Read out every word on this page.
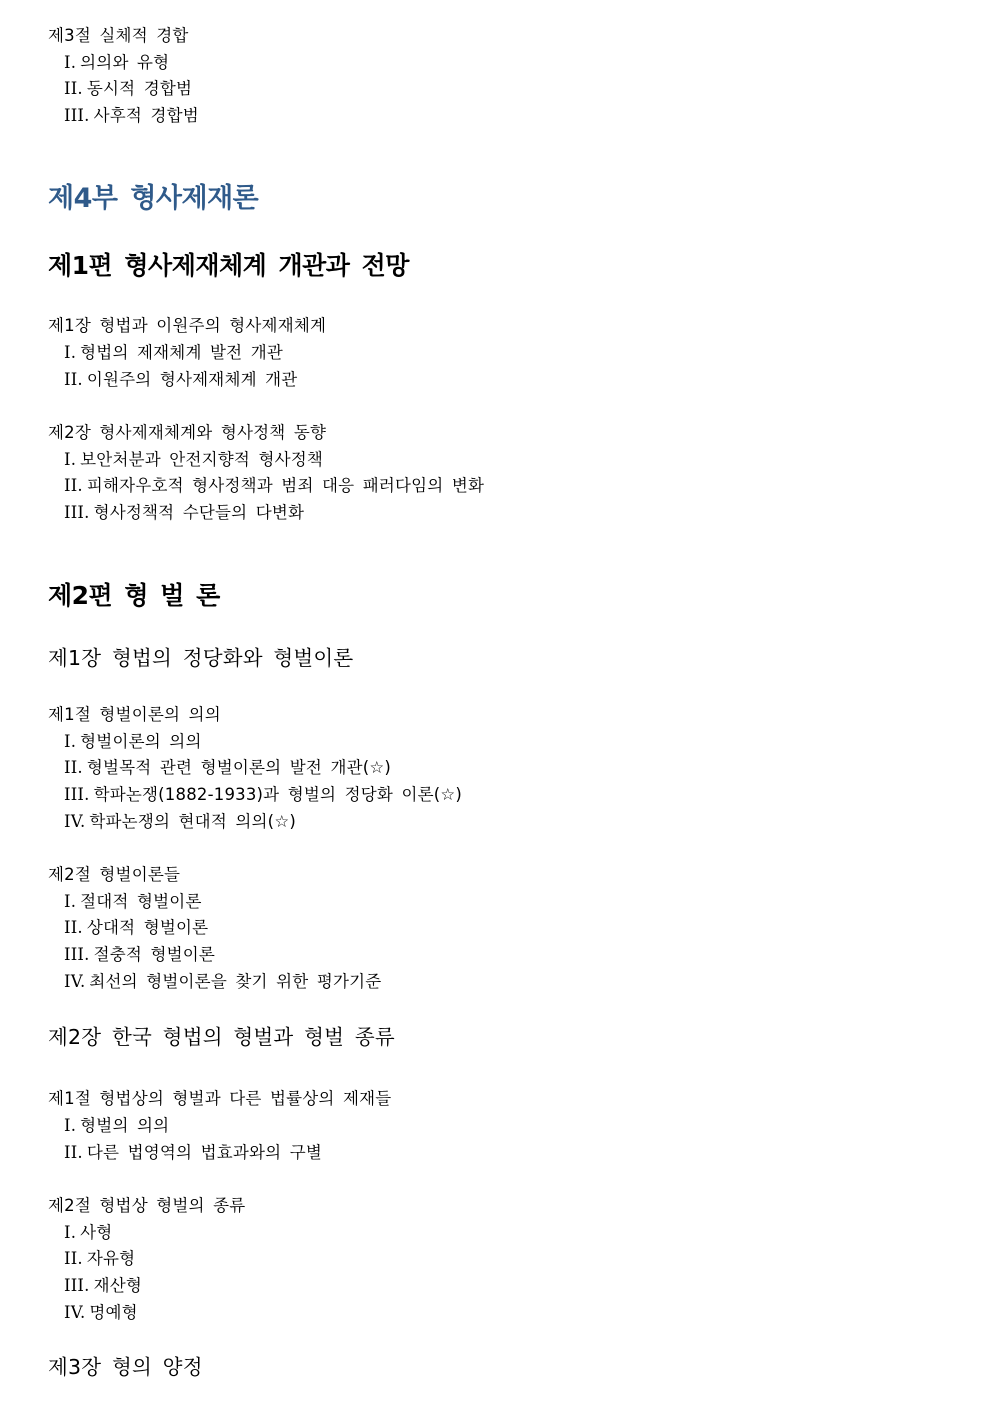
제3절 실체적 경합
I. 의의와 유형
II. 동시적 경합범
III. 사후적 경합범
제4부 형사제재론
제1편 형사제재체계 개관과 전망
제1장 형법과 이원주의 형사제재체계
I. 형법의 제재체계 발전 개관
II. 이원주의 형사제재체계 개관
제2장 형사제재체계와 형사정책 동향
I. 보안처분과 안전지향적 형사정책
II. 피해자우호적 형사정책과 범죄 대응 패러다임의 변화
III. 형사정책적 수단들의 다변화
제2편 형 벌 론
제1장 형법의 정당화와 형벌이론
제1절 형벌이론의 의의
I. 형벌이론의 의의
II. 형벌목적 관련 형벌이론의 발전 개관(☆)
III. 학파논쟁(1882-1933)과 형벌의 정당화 이론(☆)
IV. 학파논쟁의 현대적 의의(☆)
제2절 형벌이론들
I. 절대적 형벌이론
II. 상대적 형벌이론
III. 절충적 형벌이론
IV. 최선의 형벌이론을 찾기 위한 평가기준
제2장 한국 형법의 형벌과 형벌 종류
제1절 형법상의 형벌과 다른 법률상의 제재들
I. 형벌의 의의
II. 다른 법영역의 법효과와의 구별
제2절 형법상 형벌의 종류
I. 사형
II. 자유형
III. 재산형
IV. 명예형
제3장 형의 양정
